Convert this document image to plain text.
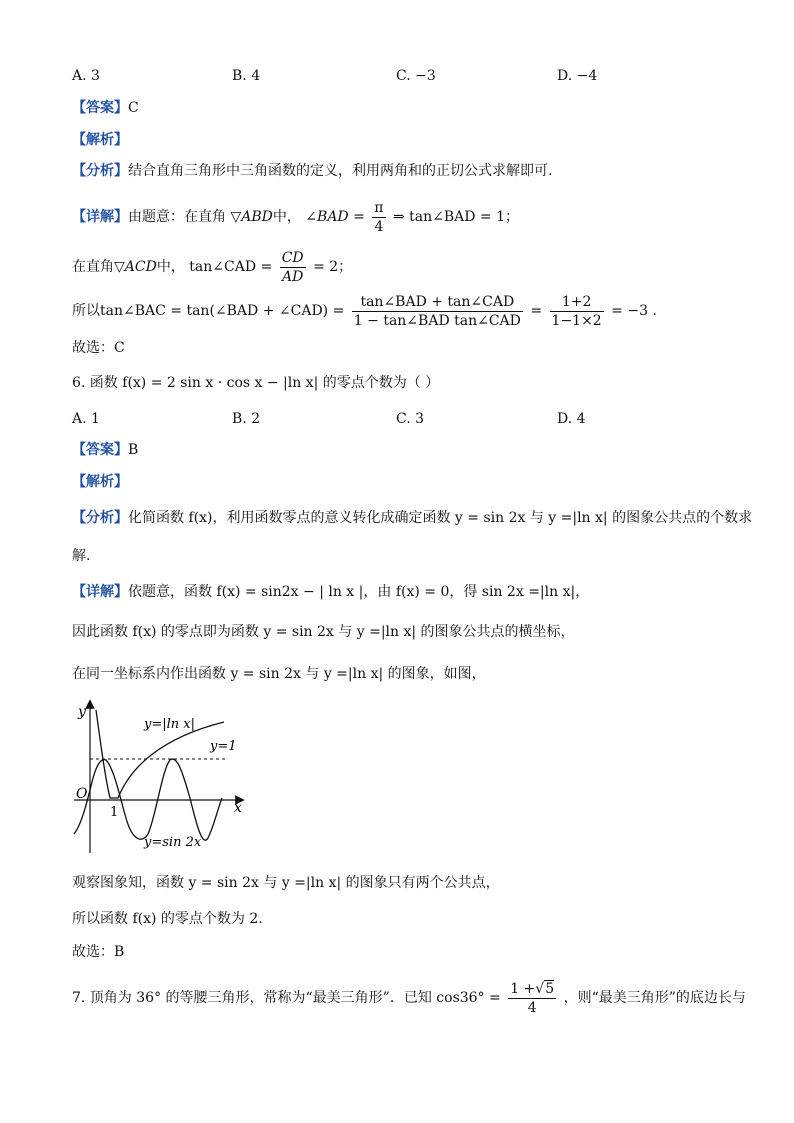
A. 3	B. 4	C. −3	D. −4
【答案】C
【解析】
【分析】结合直角三角形中三角函数的定义，利用两角和的正切公式求解即可.
【详解】由题意：在直角 ▽ABD中， ∠BAD = $\frac{\pi}{4}$ ⇒ tan∠BAD = 1；
在直角▽ACD中， tan∠CAD = $\frac{CD}{AD} = 2$；
所以tan∠BAC = tan(∠BAD + ∠CAD) = $\frac{\text{tan∠BAD + tan∠CAD}}{\text{1 − tan∠BAD tan∠CAD}} = \frac{1+2}{1-1\times 2} = -3$ .
故选：C
6. 函数 f(x) = 2 sin x · cos x − |ln x| 的零点个数为（ ）
A. 1	B. 2	C. 3	D. 4
【答案】B
【解析】
【分析】化简函数 f(x)，利用函数零点的意义转化成确定函数 y = sin 2x 与 y =|ln x| 的图象公共点的个数求
解.
【详解】依题意，函数 f(x) = sin2x − | ln x |，由 f(x) = 0，得 sin 2x =|ln x|，
因此函数 f(x) 的零点即为函数 y = sin 2x 与 y =|ln x| 的图象公共点的横坐标，
在同一坐标系内作出函数 y = sin 2x 与 y =|ln x| 的图象，如图，
y
x
O
1
y=|ln x|
y=1
y=sin 2x
观察图象知，函数 y = sin 2x 与 y =|ln x| 的图象只有两个公共点，
所以函数 f(x) 的零点个数为 2.
故选：B
7. 顶角为 36° 的等腰三角形，常称为“最美三角形”．已知 $\cos 36^\circ = \frac{1 +√5}{4}$ ，则“最美三角形”的底边长与
